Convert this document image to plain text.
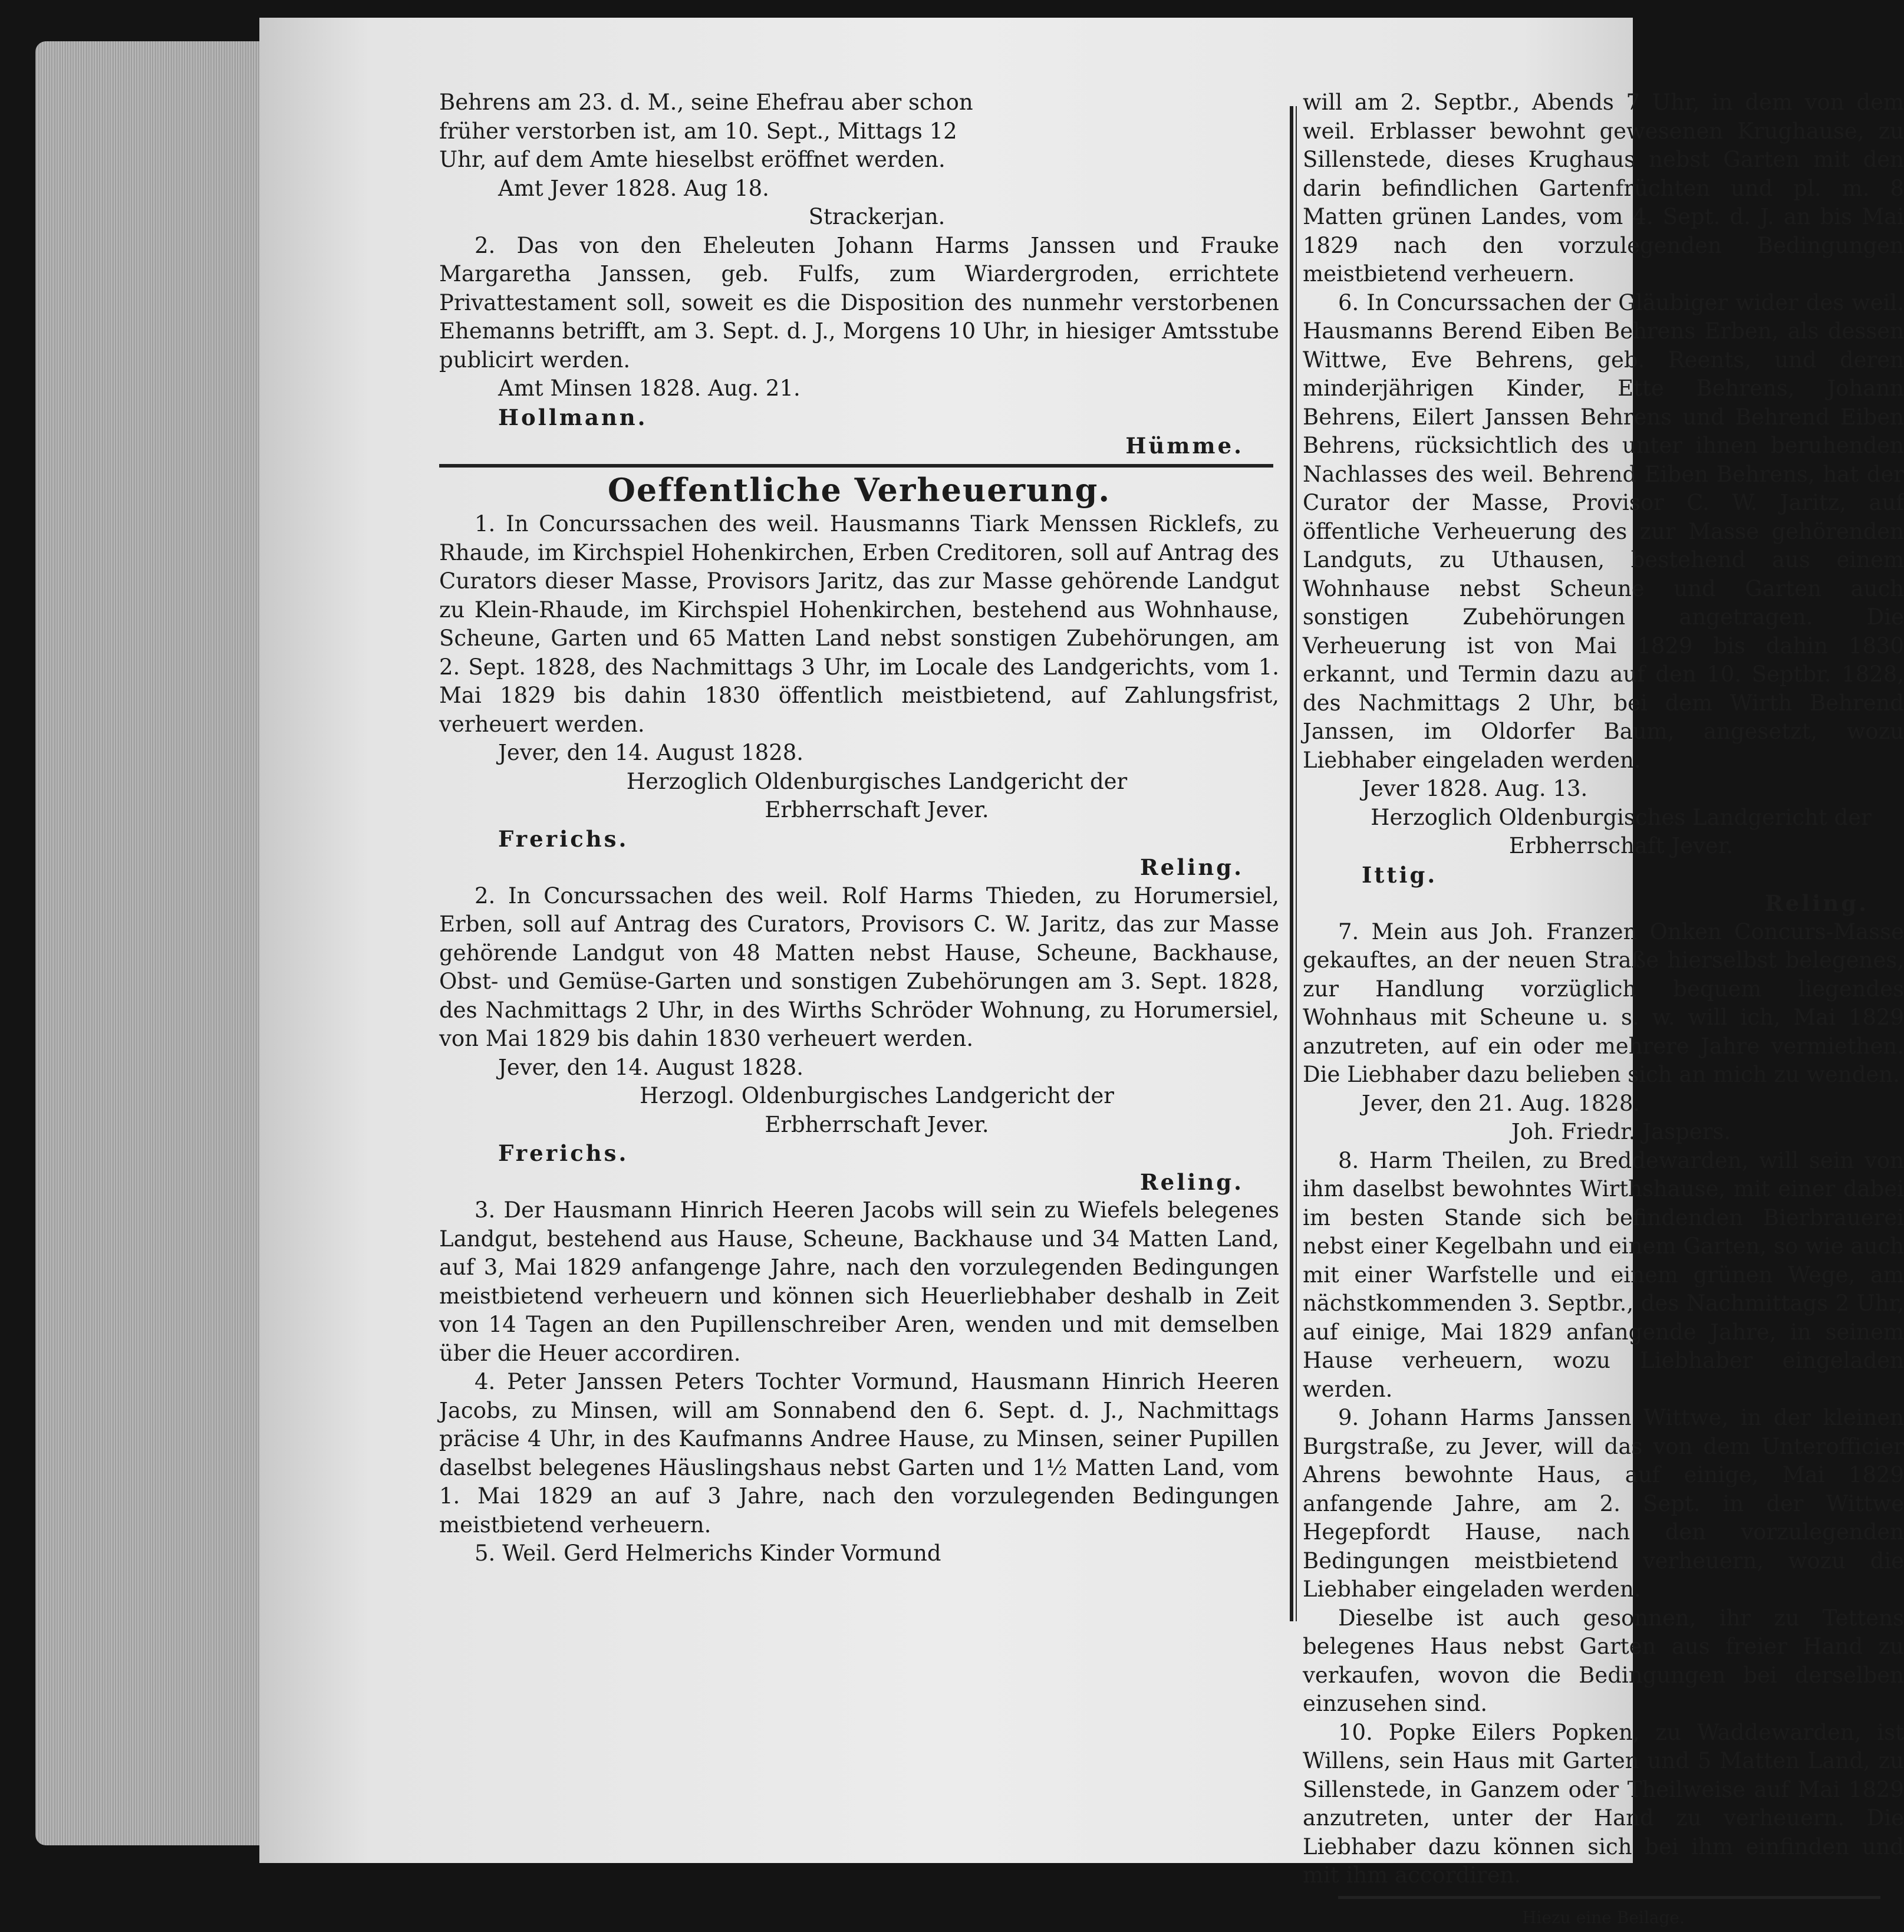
Behrens am 23. d. M., seine Ehefrau aber schon

früher verstorben ist, am 10. Sept., Mittags 12

Uhr, auf dem Amte hieselbst eröffnet werden.

Amt Jever 1828. Aug 18.

Strackerjan.

2. Das von den Eheleuten Johann Harms Janssen und Frauke Margaretha Janssen, geb. Fulfs, zum Wiardergroden, errichtete Privattestament soll, soweit es die Disposition des nunmehr verstorbenen Ehemanns betrifft, am 3. Sept. d. J., Morgens 10 Uhr, in hiesiger Amtsstube publicirt werden.

Amt Minsen 1828. Aug. 21.

Hollmann.

Hümme.

Oeffentliche Verheuerung.

1. In Concurssachen des weil. Hausmanns Tiark Menssen Ricklefs, zu Rhaude, im Kirchspiel Hohenkirchen, Erben Creditoren, soll auf Antrag des Curators dieser Masse, Provisors Jaritz, das zur Masse gehörende Landgut zu Klein-Rhaude, im Kirchspiel Hohenkirchen, bestehend aus Wohnhause, Scheune, Garten und 65 Matten Land nebst sonstigen Zubehörungen, am 2. Sept. 1828, des Nachmittags 3 Uhr, im Locale des Landgerichts, vom 1. Mai 1829 bis dahin 1830 öffentlich meistbietend, auf Zahlungsfrist, verheuert werden.

Jever, den 14. August 1828.

Herzoglich Oldenburgisches Landgericht der

Erbherrschaft Jever.

Frerichs.

Reling.

2. In Concurssachen des weil. Rolf Harms Thieden, zu Horumersiel, Erben, soll auf Antrag des Curators, Provisors C. W. Jaritz, das zur Masse gehörende Landgut von 48 Matten nebst Hause, Scheune, Backhause, Obst- und Gemüse-Garten und sonstigen Zubehörungen am 3. Sept. 1828, des Nachmittags 2 Uhr, in des Wirths Schröder Wohnung, zu Horumersiel, von Mai 1829 bis dahin 1830 verheuert werden.

Jever, den 14. August 1828.

Herzogl. Oldenburgisches Landgericht der

Erbherrschaft Jever.

Frerichs.

Reling.

3. Der Hausmann Hinrich Heeren Jacobs will sein zu Wiefels belegenes Landgut, bestehend aus Hause, Scheune, Backhause und 34 Matten Land, auf 3, Mai 1829 anfangenge Jahre, nach den vorzulegenden Bedingungen meistbietend verheuern und können sich Heuerliebhaber deshalb in Zeit von 14 Tagen an den Pupillenschreiber Aren, wenden und mit demselben über die Heuer accordiren.

4. Peter Janssen Peters Tochter Vormund, Hausmann Hinrich Heeren Jacobs, zu Minsen, will am Sonnabend den 6. Sept. d. J., Nachmittags präcise 4 Uhr, in des Kaufmanns Andree Hause, zu Minsen, seiner Pupillen daselbst belegenes Häuslingshaus nebst Garten und 1½ Matten Land, vom 1. Mai 1829 an auf 3 Jahre, nach den vorzulegenden Bedingungen meistbietend verheuern.

5. Weil. Gerd Helmerichs Kinder Vormund

will am 2. Septbr., Abends 7 Uhr, in dem von dem weil. Erblasser bewohnt gewesenen Krughause, zu Sillenstede, dieses Krughaus nebst Garten mit den darin befindlichen Gartenfrüchten und pl. m. 8 Matten grünen Landes, vom 4. Sept. d. J. an bis Mai 1829 nach den vorzulegenden Bedingungen meistbietend verheuern.

6. In Concurssachen der Gläubiger wider des weil. Hausmanns Berend Eiben Behrens Erben, als dessen Wittwe, Eve Behrens, geb. Reents, und deren minderjährigen Kinder, Ette Behrens, Johann Behrens, Eilert Janssen Behrens und Behrend Eiben Behrens, rücksichtlich des unter ihnen beruhenden Nachlasses des weil. Behrend Eiben Behrens, hat der Curator der Masse, Provisor C. W. Jaritz, auf öffentliche Verheuerung des zur Masse gehörenden Landguts, zu Uthausen, bestehend aus einem Wohnhause nebst Scheune und Garten auch sonstigen Zubehörungen angetragen. Die Verheuerung ist von Mai 1829 bis dahin 1830 erkannt, und Termin dazu auf den 10. Septbr. 1828, des Nachmittags 2 Uhr, bei dem Wirth Behrend Janssen, im Oldorfer Baum, angesetzt, wozu Liebhaber eingeladen werden.

Jever 1828. Aug. 13.

Herzoglich Oldenburgisches Landgericht der

Erbherrschaft Jever.

Ittig.

Reling.

7. Mein aus Joh. Franzen Onken Concurs-Masse gekauftes, an der neuen Straße hierselbst belegenes, zur Handlung vorzüglich bequem liegendes Wohnhaus mit Scheune u. s. w. will ich, Mai 1829 anzutreten, auf ein oder mehrere Jahre vermiethen. Die Liebhaber dazu belieben sich an mich zu wenden.

Jever, den 21. Aug. 1828.

Joh. Friedr. Jaspers.

8. Harm Theilen, zu Breddewarden, will sein von ihm daselbst bewohntes Wirthshause, mit einer dabei im besten Stande sich befindenden Bierbrauerei nebst einer Kegelbahn und einem Garten, so wie auch mit einer Warfstelle und einem grünen Wege, am nächstkommenden 3. Septbr., des Nachmittags 2 Uhr, auf einige, Mai 1829 anfangende Jahre, in seinem Hause verheuern, wozu Liebhaber eingeladen werden.

9. Johann Harms Janssen Wittwe, in der kleinen Burgstraße, zu Jever, will das von dem Unterofficier Ahrens bewohnte Haus, auf einige, Mai 1829 anfangende Jahre, am 2. Sept. in der Wittwe Hegepfordt Hause, nach den vorzulegenden Bedingungen meistbietend verheuern, wozu die Liebhaber eingeladen werden.

Dieselbe ist auch gesonnen, ihr zu Tettens belegenes Haus nebst Garten aus freier Hand zu verkaufen, wovon die Bedingungen bei derselben einzusehen sind.

10. Popke Eilers Popken, zu Waddewarden, ist Willens, sein Haus mit Garten und 5 Matten Land, zu Sillenstede, in Ganzem oder Theilweise auf Mai 1829 anzutreten, unter der Hand zu verheuern. Die Liebhaber dazu können sich bei ihm einfinden und mit ihm accordiren.

Hiezu eine Beilage.
